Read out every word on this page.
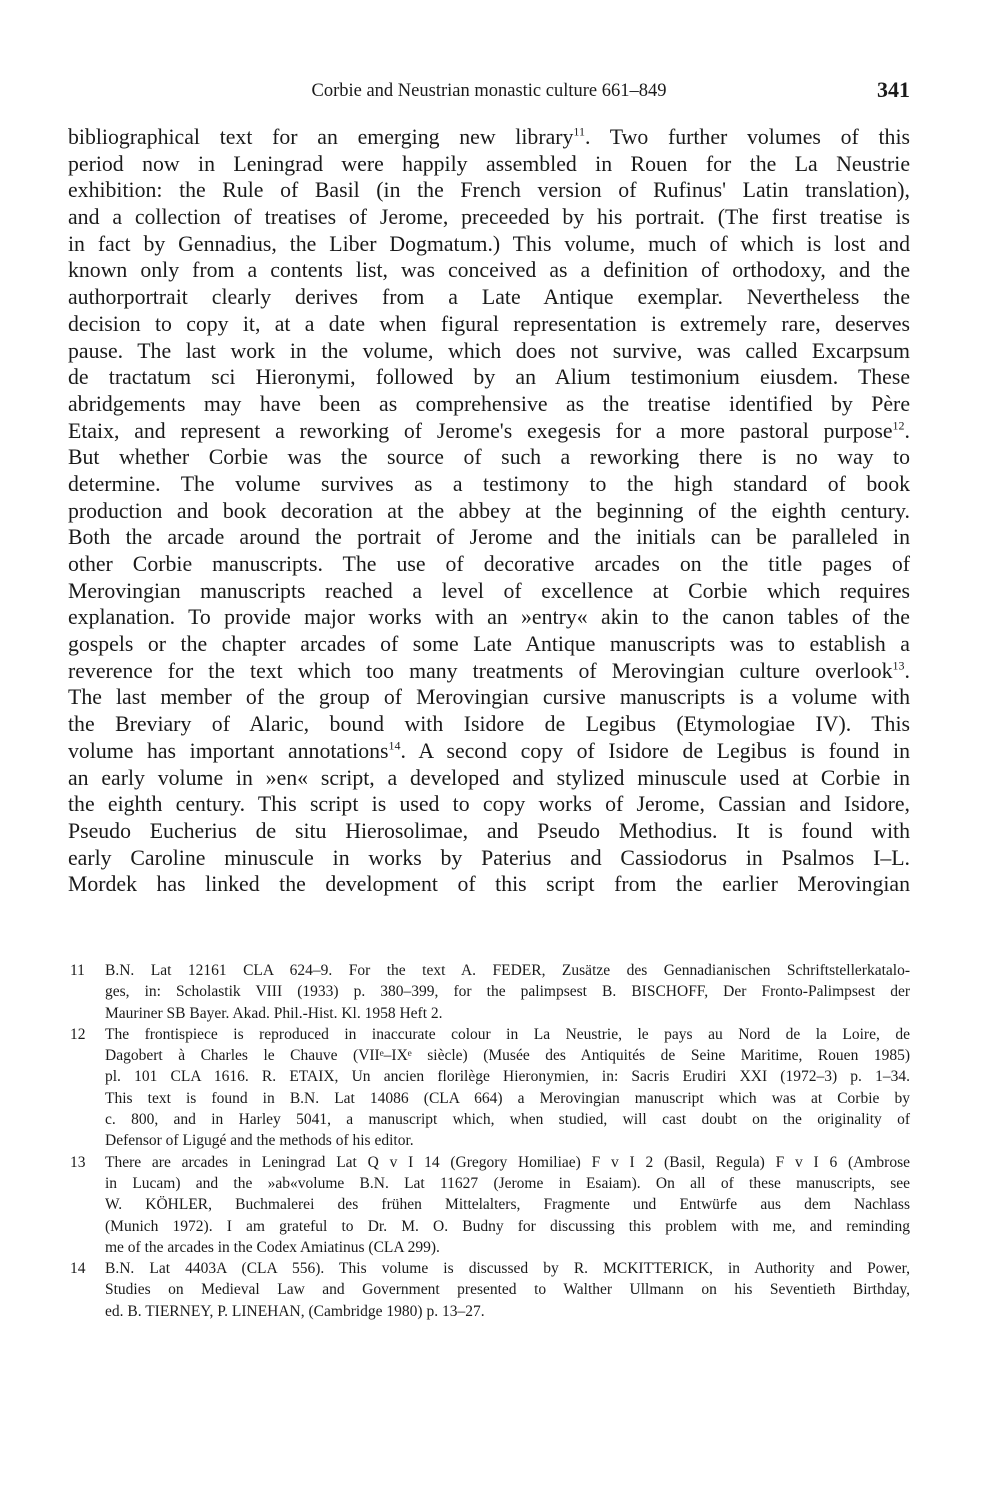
Corbie and Neustrian monastic culture 661–849	341
bibliographical text for an emerging new library$^{11}$. Two further volumes of this
period now in Leningrad were happily assembled in Rouen for the La Neustrie
exhibition: the Rule of Basil (in the French version of Rufinus' Latin translation),
and a collection of treatises of Jerome, preceeded by his portrait. (The first treatise is
in fact by Gennadius, the Liber Dogmatum.) This volume, much of which is lost and
known only from a contents list, was conceived as a definition of orthodoxy, and the
authorportrait clearly derives from a Late Antique exemplar. Nevertheless the
decision to copy it, at a date when figural representation is extremely rare, deserves
pause. The last work in the volume, which does not survive, was called Excarpsum
de tractatum sci Hieronymi, followed by an Alium testimonium eiusdem. These
abridgements may have been as comprehensive as the treatise identified by Père
Etaix, and represent a reworking of Jerome's exegesis for a more pastoral purpose$^{12}$.
But whether Corbie was the source of such a reworking there is no way to
determine. The volume survives as a testimony to the high standard of book
production and book decoration at the abbey at the beginning of the eighth century.
Both the arcade around the portrait of Jerome and the initials can be paralleled in
other Corbie manuscripts. The use of decorative arcades on the title pages of
Merovingian manuscripts reached a level of excellence at Corbie which requires
explanation. To provide major works with an »entry« akin to the canon tables of the
gospels or the chapter arcades of some Late Antique manuscripts was to establish a
reverence for the text which too many treatments of Merovingian culture overlook$^{13}$.
The last member of the group of Merovingian cursive manuscripts is a volume with
the Breviary of Alaric, bound with Isidore de Legibus (Etymologiae IV). This
volume has important annotations$^{14}$. A second copy of Isidore de Legibus is found in
an early volume in »en« script, a developed and stylized minuscule used at Corbie in
the eighth century. This script is used to copy works of Jerome, Cassian and Isidore,
Pseudo Eucherius de situ Hierosolimae, and Pseudo Methodius. It is found with
early Caroline minuscule in works by Paterius and Cassiodorus in Psalmos I–L.
Mordek has linked the development of this script from the earlier Merovingian
11 B.N. Lat 12161 CLA 624–9. For the text A. FEDER, Zusätze des Gennadianischen Schriftstellerkatalo-
ges, in: Scholastik VIII (1933) p. 380–399, for the palimpsest B. BISCHOFF, Der Fronto-Palimpsest der
Mauriner SB Bayer. Akad. Phil.-Hist. Kl. 1958 Heft 2.
12 The frontispiece is reproduced in inaccurate colour in La Neustrie, le pays au Nord de la Loire, de
Dagobert à Charles le Chauve (VIIᵉ–IXᵉ siècle) (Musée des Antiquités de Seine Maritime, Rouen 1985)
pl. 101 CLA 1616. R. ETAIX, Un ancien florilège Hieronymien, in: Sacris Erudiri XXI (1972–3) p. 1–34.
This text is found in B.N. Lat 14086 (CLA 664) a Merovingian manuscript which was at Corbie by
c. 800, and in Harley 5041, a manuscript which, when studied, will cast doubt on the originality of
Defensor of Ligugé and the methods of his editor.
13 There are arcades in Leningrad Lat Q v I 14 (Gregory Homiliae) F v I 2 (Basil, Regula) F v I 6 (Ambrose
in Lucam) and the »ab«volume B.N. Lat 11627 (Jerome in Esaiam). On all of these manuscripts, see
W. KÖHLER, Buchmalerei des frühen Mittelalters, Fragmente und Entwürfe aus dem Nachlass
(Munich 1972). I am grateful to Dr. M. O. Budny for discussing this problem with me, and reminding
me of the arcades in the Codex Amiatinus (CLA 299).
14 B.N. Lat 4403A (CLA 556). This volume is discussed by R. MCKITTERICK, in Authority and Power,
Studies on Medieval Law and Government presented to Walther Ullmann on his Seventieth Birthday,
ed. B. TIERNEY, P. LINEHAN, (Cambridge 1980) p. 13–27.
